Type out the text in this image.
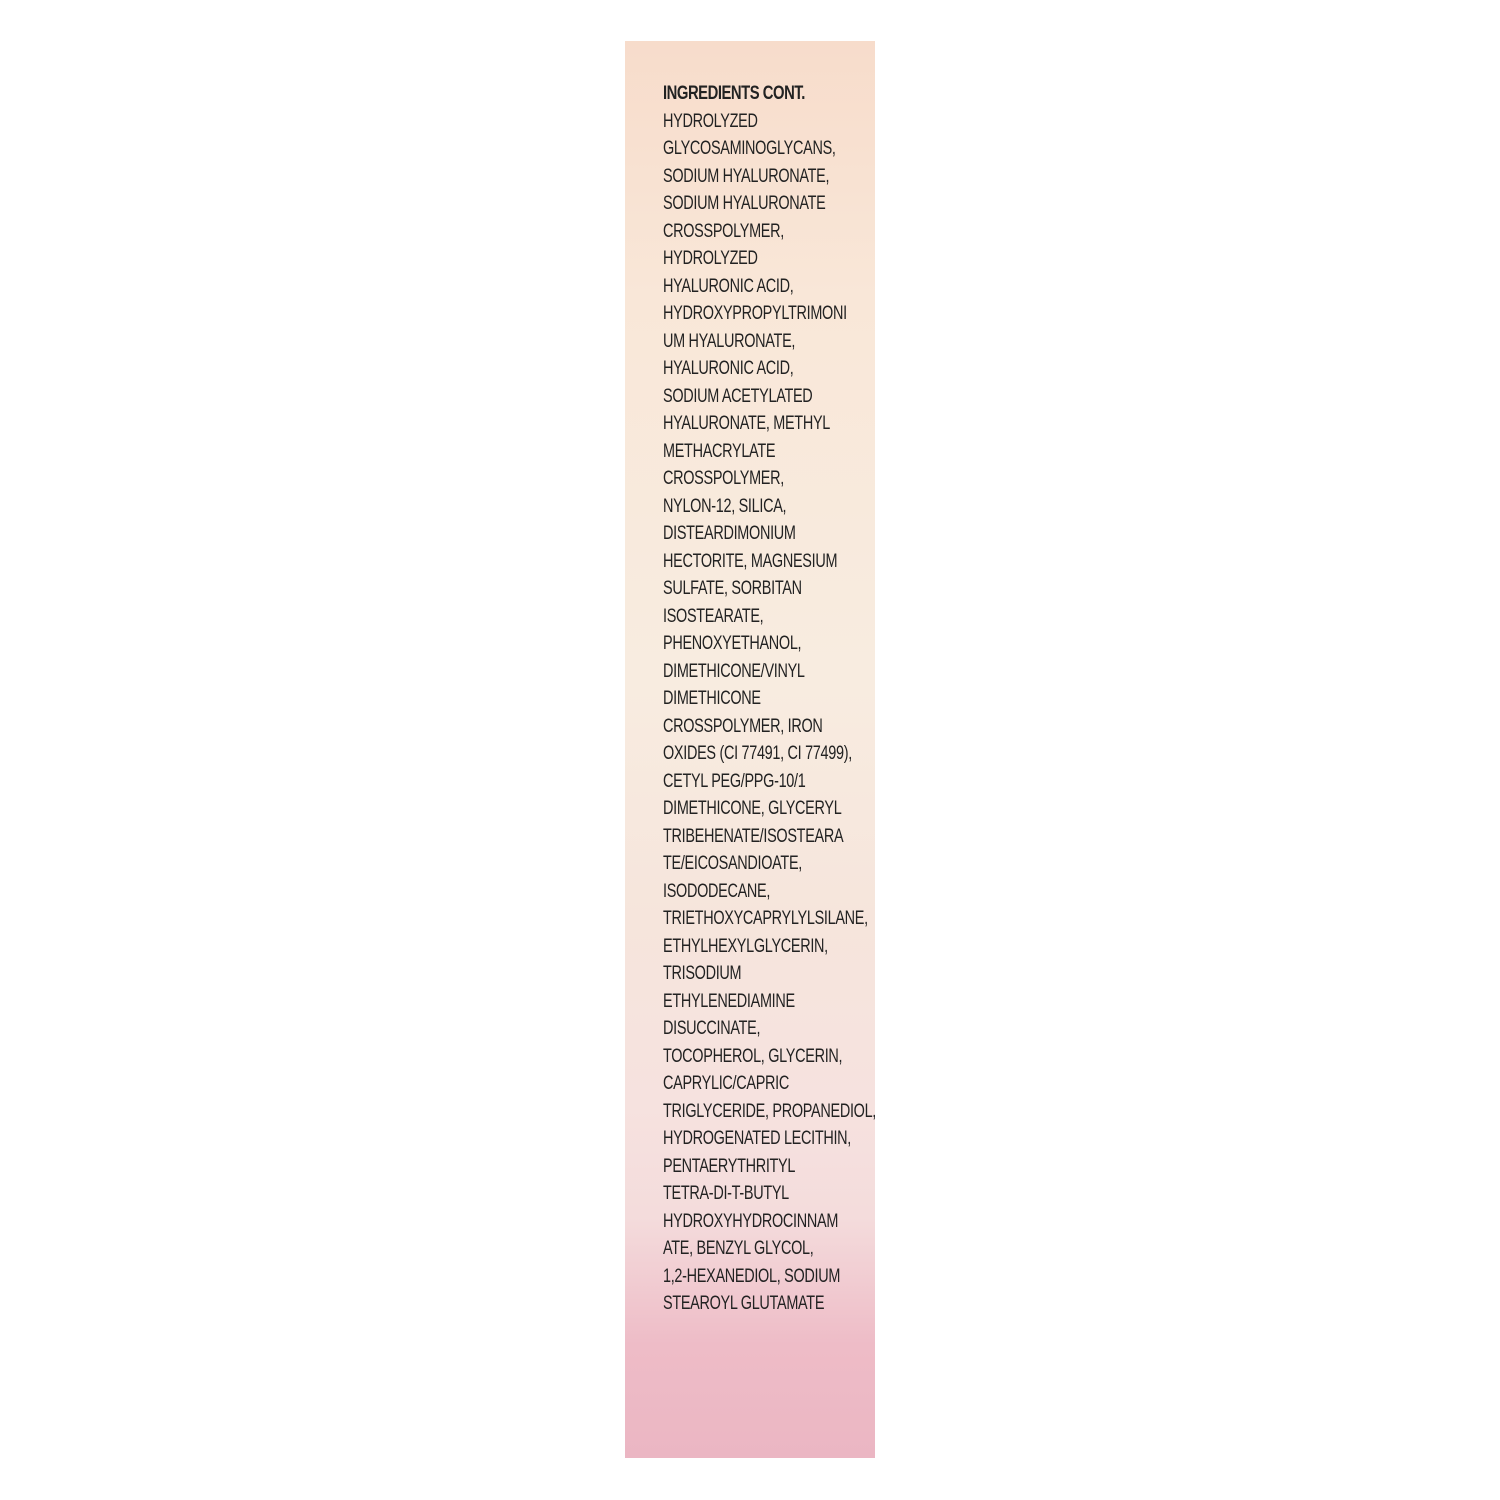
INGREDIENTS CONT.
HYDROLYZED
GLYCOSAMINOGLYCANS,
SODIUM HYALURONATE,
SODIUM HYALURONATE
CROSSPOLYMER,
HYDROLYZED
HYALURONIC ACID,
HYDROXYPROPYLTRIMONI
UM HYALURONATE,
HYALURONIC ACID,
SODIUM ACETYLATED
HYALURONATE, METHYL
METHACRYLATE
CROSSPOLYMER,
NYLON-12, SILICA,
DISTEARDIMONIUM
HECTORITE, MAGNESIUM
SULFATE, SORBITAN
ISOSTEARATE,
PHENOXYETHANOL,
DIMETHICONE/VINYL
DIMETHICONE
CROSSPOLYMER, IRON
OXIDES (CI 77491, CI 77499),
CETYL PEG/PPG-10/1
DIMETHICONE, GLYCERYL
TRIBEHENATE/ISOSTEARA
TE/EICOSANDIOATE,
ISODODECANE,
TRIETHOXYCAPRYLYLSILANE,
ETHYLHEXYLGLYCERIN,
TRISODIUM
ETHYLENEDIAMINE
DISUCCINATE,
TOCOPHEROL, GLYCERIN,
CAPRYLIC/CAPRIC
TRIGLYCERIDE, PROPANEDIOL,
HYDROGENATED LECITHIN,
PENTAERYTHRITYL
TETRA-DI-T-BUTYL
HYDROXYHYDROCINNAM
ATE, BENZYL GLYCOL,
1,2-HEXANEDIOL, SODIUM
STEAROYL GLUTAMATE
